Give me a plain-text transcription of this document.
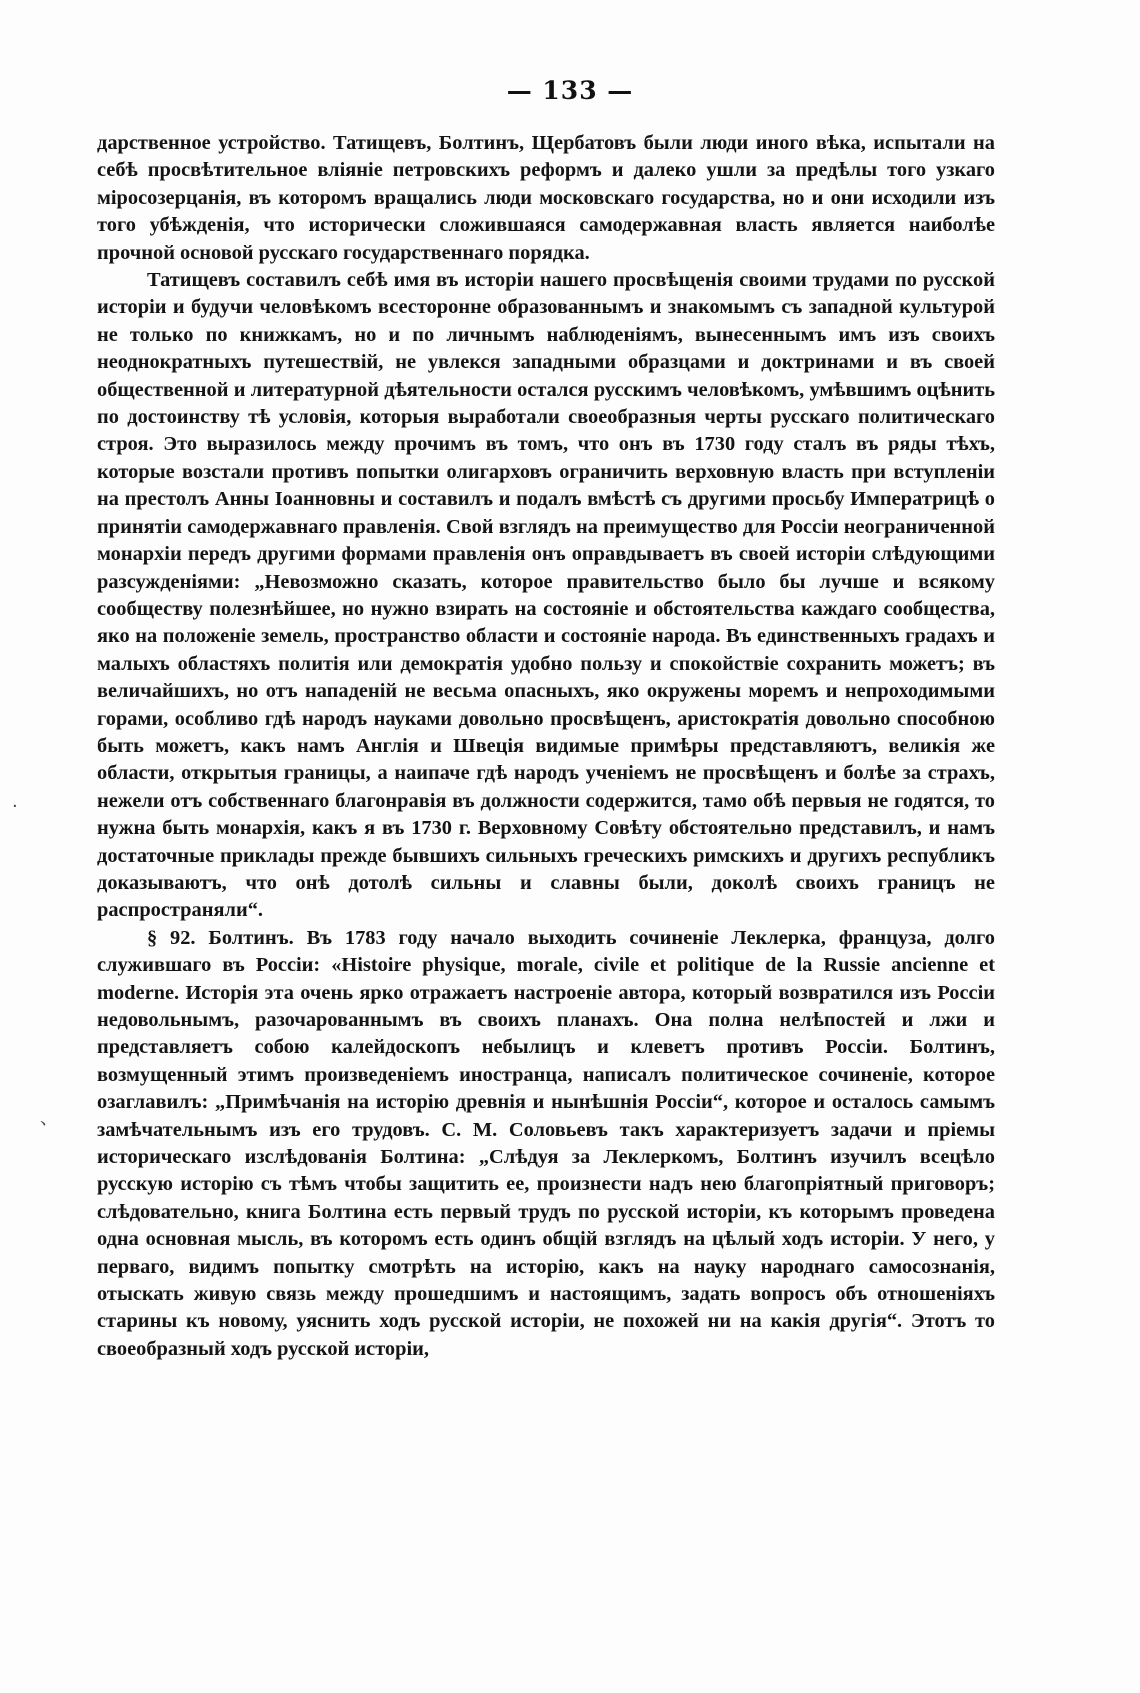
— 133 —
·
、

дарственное устройство. Татищевъ, Болтинъ, Щербатовъ были люди иного вѣка, испытали на себѣ просвѣтительное вліяніе петровскихъ реформъ и далеко ушли за предѣлы того узкаго міросозерцанія, въ которомъ вращались люди московскаго государства, но и они исходили изъ того убѣжденія, что исторически сложившаяся самодержавная власть является наиболѣе прочной основой русскаго государственнаго порядка.

Татищевъ составилъ себѣ имя въ исторіи нашего просвѣщенія своими трудами по русской исторіи и будучи человѣкомъ всесторонне образованнымъ и знакомымъ съ западной культурой не только по книжкамъ, но и по личнымъ наблюденіямъ, вынесеннымъ имъ изъ своихъ неоднократныхъ путешествій, не увлекся западными образцами и доктринами и въ своей общественной и литературной дѣятельности остался русскимъ человѣкомъ, умѣвшимъ оцѣнить по достоинству тѣ условія, которыя выработали своеобразныя черты русскаго политическаго строя. Это выразилось между прочимъ въ томъ, что онъ въ 1730 году сталъ въ ряды тѣхъ, которые возстали противъ попытки олигарховъ ограничить верховную власть при вступленіи на престолъ Анны Іоанновны и составилъ и подалъ вмѣстѣ съ другими просьбу Императрицѣ о принятіи самодержавнаго правленія. Свой взглядъ на преимущество для Россіи неограниченной монархіи передъ другими формами правленія онъ оправдываетъ въ своей исторіи слѣдующими разсужденіями: „Невозможно сказать, которое правительство было бы лучше и всякому сообществу полезнѣйшее, но нужно взирать на состояніе и обстоятельства каждаго сообщества, яко на положеніе земель, пространство области и состояніе народа. Въ единственныхъ градахъ и малыхъ областяхъ политія или демократія удобно пользу и спокойствіе сохранить можетъ; въ величайшихъ, но отъ нападеній не весьма опасныхъ, яко окружены моремъ и непроходимыми горами, особливо гдѣ народъ науками довольно просвѣщенъ, аристократія довольно способною быть можетъ, какъ намъ Англія и Швеція видимые примѣры представляютъ, великія же области, открытыя границы, а наипаче гдѣ народъ ученіемъ не просвѣщенъ и болѣе за страхъ, нежели отъ собственнаго благонравія въ должности содержится, тамо обѣ первыя не годятся, то нужна быть монархія, какъ я въ 1730 г. Верховному Совѣту обстоятельно представилъ, и намъ достаточные приклады прежде бывшихъ сильныхъ греческихъ римскихъ и другихъ республикъ доказываютъ, что онѣ дотолѣ сильны и славны были, доколѣ своихъ границъ не распространяли“.

§ 92. Болтинъ. Въ 1783 году начало выходить сочиненіе Леклерка, француза, долго служившаго въ Россіи: «Histoire physique, morale, civile et politique de la Russie ancienne et moderne. Исторія эта очень ярко отражаетъ настроеніе автора, который возвратился изъ Россіи недовольнымъ, разочарованнымъ въ своихъ планахъ. Она полна нелѣпостей и лжи и представляетъ собою калейдоскопъ небылицъ и клеветъ противъ Россіи. Болтинъ, возмущенный этимъ произведеніемъ иностранца, написалъ политическое сочиненіе, которое озаглавилъ: „Примѣчанія на исторію древнія и нынѣшнія Россіи“, которое и осталось самымъ замѣчательнымъ изъ его трудовъ. С. М. Соловьевъ такъ характеризуетъ задачи и пріемы историческаго изслѣдованія Болтина: „Слѣдуя за Леклеркомъ, Болтинъ изучилъ всецѣло русскую исторію съ тѣмъ чтобы защитить ее, произнести надъ нею благопріятный приговоръ; слѣдовательно, книга Болтина есть первый трудъ по русской исторіи, къ которымъ проведена одна основная мысль, въ которомъ есть одинъ общій взглядъ на цѣлый ходъ исторіи. У него, у перваго, видимъ попытку смотрѣть на исторію, какъ на науку народнаго самосознанія, отыскать живую связь между прошедшимъ и настоящимъ, задать вопросъ объ отношеніяхъ старины къ новому, уяснить ходъ русской исторіи, не похожей ни на какія другія“. Этотъ то своеобразный ходъ русской исторіи,
